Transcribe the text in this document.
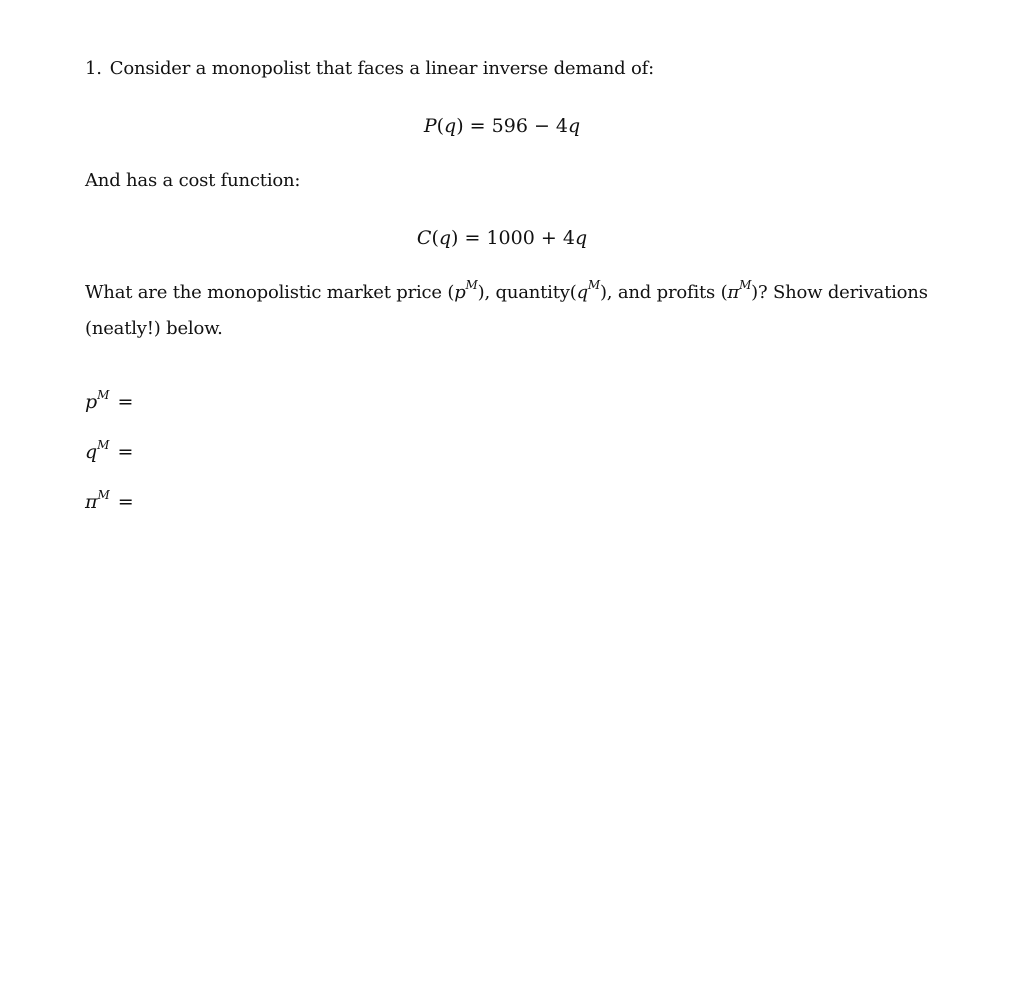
1. Consider a monopolist that faces a linear inverse demand of:
P(q) = 596 − 4q
And has a cost function:
C(q) = 1000 + 4q
What are the monopolistic market price $(p^M)$, $quantity(q^M)$, and profits $(\pi^M)$? Show derivations
(neatly!) below.
$p^M$ =
$q^M$ =
$\pi^M$ =
